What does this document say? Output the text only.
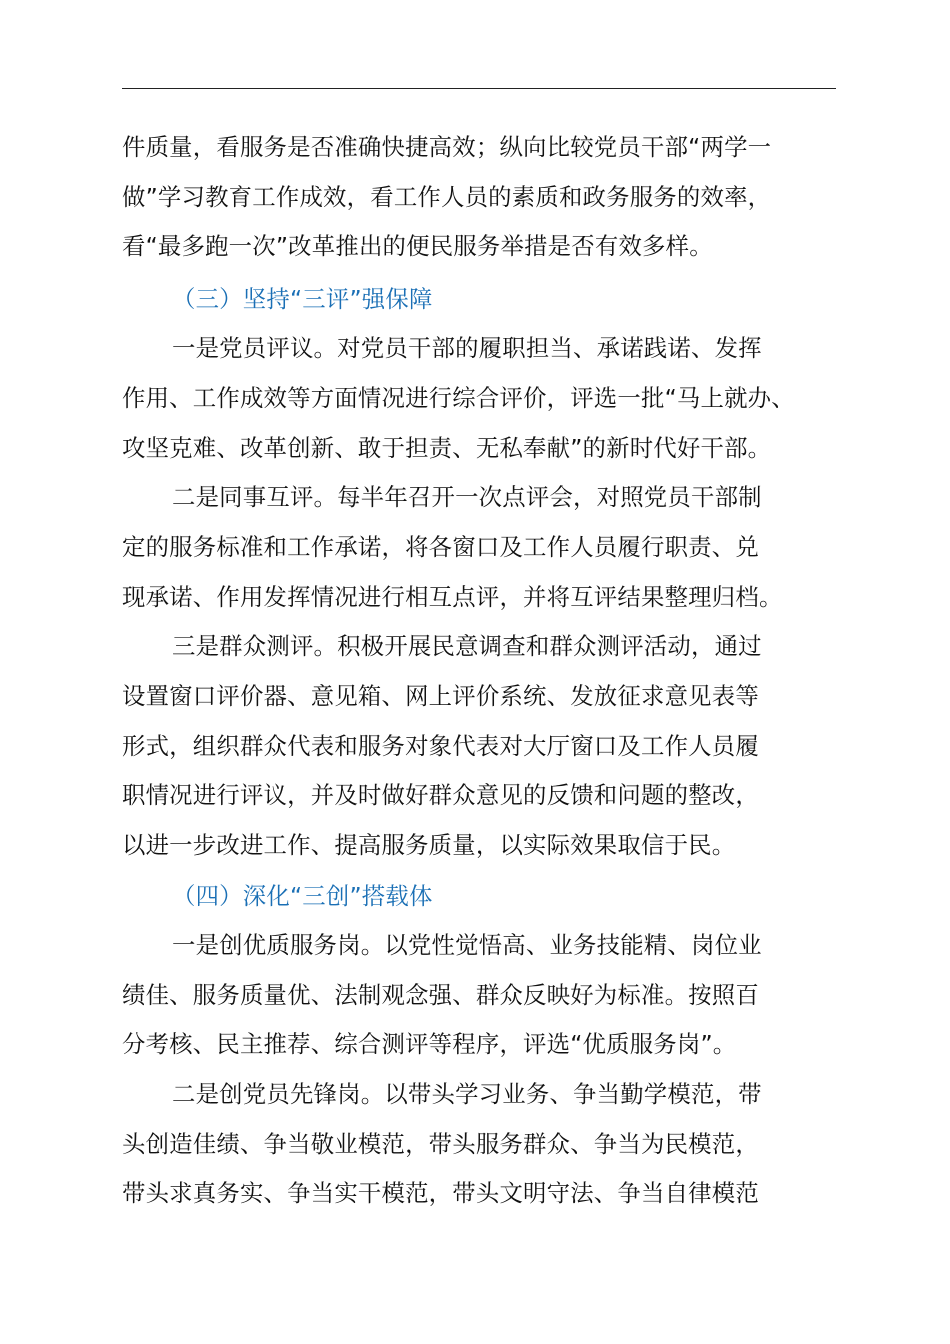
件质量，看服务是否准确快捷高效；纵向比较党员干部“两学一
做”学习教育工作成效，看工作人员的素质和政务服务的效率，
看“最多跑一次”改革推出的便民服务举措是否有效多样。
（三）坚持“三评”强保障
一是党员评议。对党员干部的履职担当、承诺践诺、发挥
作用、工作成效等方面情况进行综合评价，评选一批“马上就办、
攻坚克难、改革创新、敢于担责、无私奉献”的新时代好干部。
二是同事互评。每半年召开一次点评会，对照党员干部制
定的服务标准和工作承诺，将各窗口及工作人员履行职责、兑
现承诺、作用发挥情况进行相互点评，并将互评结果整理归档。
三是群众测评。积极开展民意调查和群众测评活动，通过
设置窗口评价器、意见箱、网上评价系统、发放征求意见表等
形式，组织群众代表和服务对象代表对大厅窗口及工作人员履
职情况进行评议，并及时做好群众意见的反馈和问题的整改，
以进一步改进工作、提高服务质量，以实际效果取信于民。
（四）深化“三创”搭载体
一是创优质服务岗。以党性觉悟高、业务技能精、岗位业
绩佳、服务质量优、法制观念强、群众反映好为标准。按照百
分考核、民主推荐、综合测评等程序，评选“优质服务岗”。
二是创党员先锋岗。以带头学习业务、争当勤学模范，带
头创造佳绩、争当敬业模范，带头服务群众、争当为民模范，
带头求真务实、争当实干模范，带头文明守法、争当自律模范
